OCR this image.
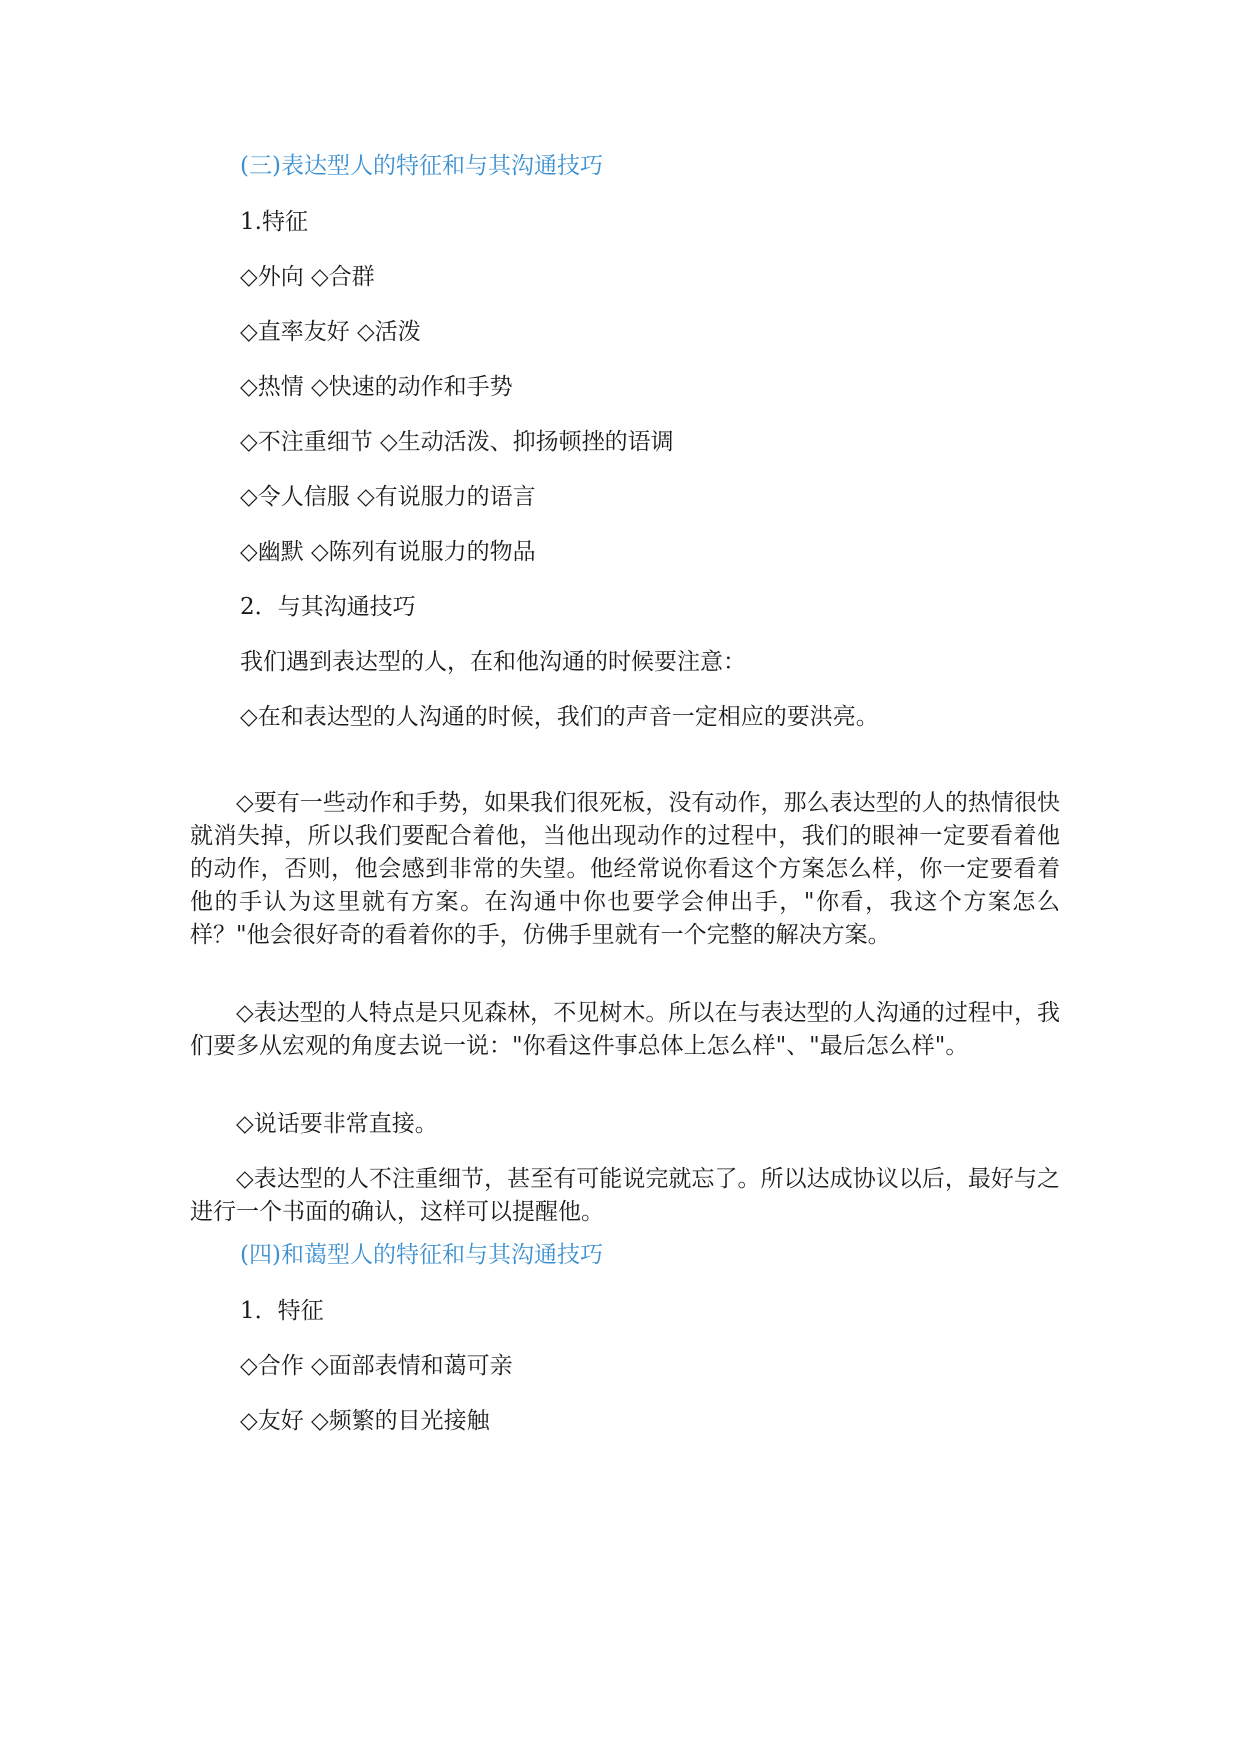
(三)表达型人的特征和与其沟通技巧
1.特征
◇外向 ◇合群
◇直率友好 ◇活泼
◇热情 ◇快速的动作和手势
◇不注重细节 ◇生动活泼、抑扬顿挫的语调
◇令人信服 ◇有说服力的语言
◇幽默 ◇陈列有说服力的物品
2．与其沟通技巧
我们遇到表达型的人，在和他沟通的时候要注意：
◇在和表达型的人沟通的时候，我们的声音一定相应的要洪亮。
◇要有一些动作和手势，如果我们很死板，没有动作，那么表达型的人的热情很快就消失掉，所以我们要配合着他，当他出现动作的过程中，我们的眼神一定要看着他的动作，否则，他会感到非常的失望。他经常说你看这个方案怎么样，你一定要看着他的手认为这里就有方案。在沟通中你也要学会伸出手，"你看，我这个方案怎么样？"他会很好奇的看着你的手，仿佛手里就有一个完整的解决方案。
◇表达型的人特点是只见森林，不见树木。所以在与表达型的人沟通的过程中，我们要多从宏观的角度去说一说："你看这件事总体上怎么样"、"最后怎么样"。
◇说话要非常直接。
◇表达型的人不注重细节，甚至有可能说完就忘了。所以达成协议以后，最好与之进行一个书面的确认，这样可以提醒他。
(四)和蔼型人的特征和与其沟通技巧
1．特征
◇合作 ◇面部表情和蔼可亲
◇友好 ◇频繁的目光接触
